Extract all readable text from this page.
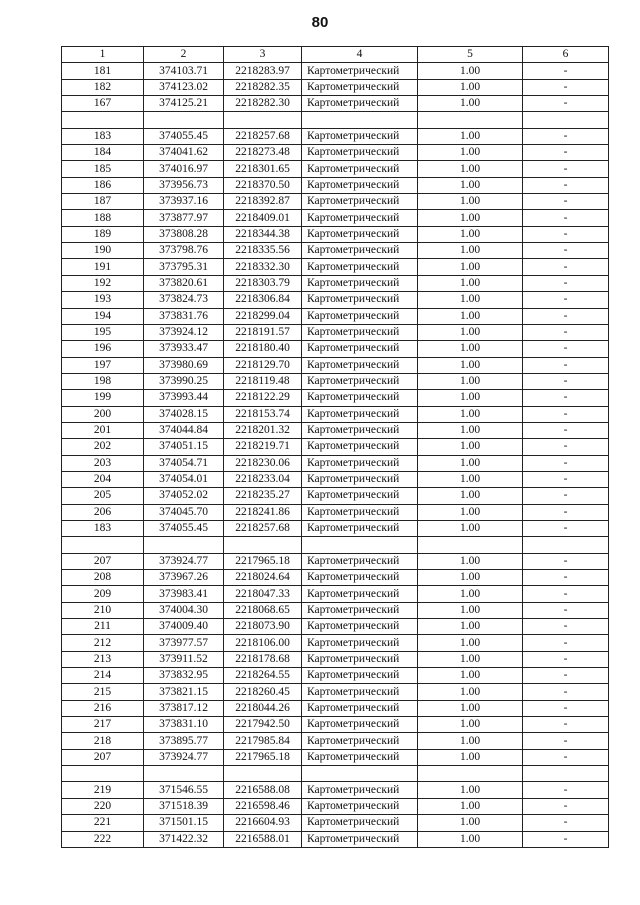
80
1	2	3	4	5	6
181	374103.71	2218283.97	Картометрический	1.00	-
182	374123.02	2218282.35	Картометрический	1.00	-
167	374125.21	2218282.30	Картометрический	1.00	-

183	374055.45	2218257.68	Картометрический	1.00	-
184	374041.62	2218273.48	Картометрический	1.00	-
185	374016.97	2218301.65	Картометрический	1.00	-
186	373956.73	2218370.50	Картометрический	1.00	-
187	373937.16	2218392.87	Картометрический	1.00	-
188	373877.97	2218409.01	Картометрический	1.00	-
189	373808.28	2218344.38	Картометрический	1.00	-
190	373798.76	2218335.56	Картометрический	1.00	-
191	373795.31	2218332.30	Картометрический	1.00	-
192	373820.61	2218303.79	Картометрический	1.00	-
193	373824.73	2218306.84	Картометрический	1.00	-
194	373831.76	2218299.04	Картометрический	1.00	-
195	373924.12	2218191.57	Картометрический	1.00	-
196	373933.47	2218180.40	Картометрический	1.00	-
197	373980.69	2218129.70	Картометрический	1.00	-
198	373990.25	2218119.48	Картометрический	1.00	-
199	373993.44	2218122.29	Картометрический	1.00	-
200	374028.15	2218153.74	Картометрический	1.00	-
201	374044.84	2218201.32	Картометрический	1.00	-
202	374051.15	2218219.71	Картометрический	1.00	-
203	374054.71	2218230.06	Картометрический	1.00	-
204	374054.01	2218233.04	Картометрический	1.00	-
205	374052.02	2218235.27	Картометрический	1.00	-
206	374045.70	2218241.86	Картометрический	1.00	-
183	374055.45	2218257.68	Картометрический	1.00	-

207	373924.77	2217965.18	Картометрический	1.00	-
208	373967.26	2218024.64	Картометрический	1.00	-
209	373983.41	2218047.33	Картометрический	1.00	-
210	374004.30	2218068.65	Картометрический	1.00	-
211	374009.40	2218073.90	Картометрический	1.00	-
212	373977.57	2218106.00	Картометрический	1.00	-
213	373911.52	2218178.68	Картометрический	1.00	-
214	373832.95	2218264.55	Картометрический	1.00	-
215	373821.15	2218260.45	Картометрический	1.00	-
216	373817.12	2218044.26	Картометрический	1.00	-
217	373831.10	2217942.50	Картометрический	1.00	-
218	373895.77	2217985.84	Картометрический	1.00	-
207	373924.77	2217965.18	Картометрический	1.00	-

219	371546.55	2216588.08	Картометрический	1.00	-
220	371518.39	2216598.46	Картометрический	1.00	-
221	371501.15	2216604.93	Картометрический	1.00	-
222	371422.32	2216588.01	Картометрический	1.00	-
